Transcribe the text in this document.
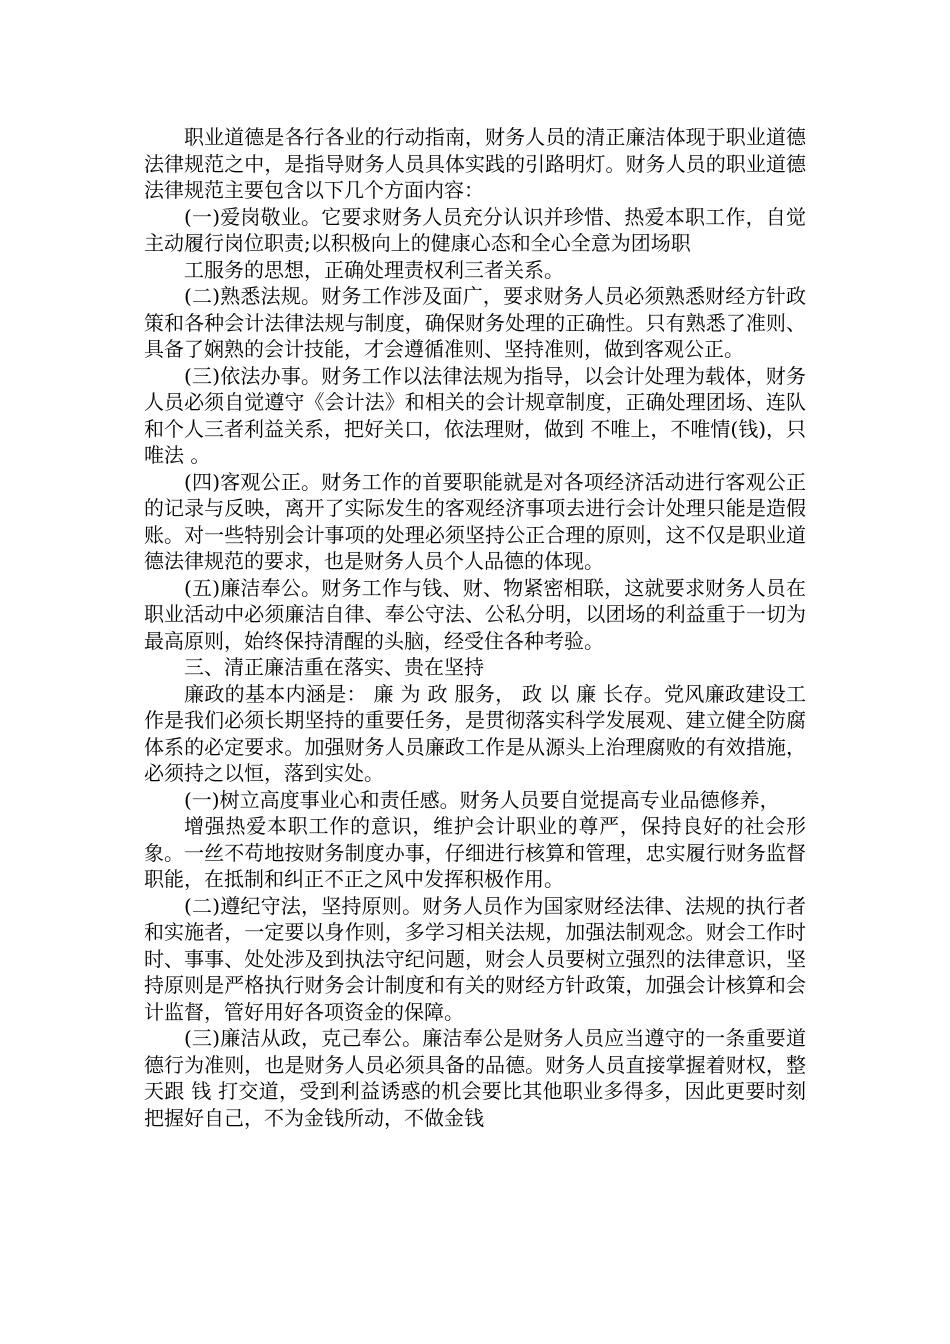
职业道德是各行各业的行动指南，财务人员的清正廉洁体现于职业道德法律规范之中，是指导财务人员具体实践的引路明灯。财务人员的职业道德法律规范主要包含以下几个方面内容：

(一)爱岗敬业。它要求财务人员充分认识并珍惜、热爱本职工作，自觉主动履行岗位职责;以积极向上的健康心态和全心全意为团场职

工服务的思想，正确处理责权利三者关系。

(二)熟悉法规。财务工作涉及面广，要求财务人员必须熟悉财经方针政策和各种会计法律法规与制度，确保财务处理的正确性。只有熟悉了准则、具备了娴熟的会计技能，才会遵循准则、坚持准则，做到客观公正。

(三)依法办事。财务工作以法律法规为指导，以会计处理为载体，财务人员必须自觉遵守《会计法》和相关的会计规章制度，正确处理团场、连队和个人三者利益关系，把好关口，依法理财，做到 不唯上，不唯情(钱)，只唯法 。

(四)客观公正。财务工作的首要职能就是对各项经济活动进行客观公正的记录与反映，离开了实际发生的客观经济事项去进行会计处理只能是造假账。对一些特别会计事项的处理必须坚持公正合理的原则，这不仅是职业道德法律规范的要求，也是财务人员个人品德的体现。

(五)廉洁奉公。财务工作与钱、财、物紧密相联，这就要求财务人员在职业活动中必须廉洁自律、奉公守法、公私分明，以团场的利益重于一切为最高原则，始终保持清醒的头脑，经受住各种考验。

三、清正廉洁重在落实、贵在坚持

廉政的基本内涵是： 廉 为 政 服务， 政 以 廉 长存。党风廉政建设工作是我们必须长期坚持的重要任务，是贯彻落实科学发展观、建立健全防腐体系的必定要求。加强财务人员廉政工作是从源头上治理腐败的有效措施，必须持之以恒，落到实处。

(一)树立高度事业心和责任感。财务人员要自觉提高专业品德修养，

增强热爱本职工作的意识，维护会计职业的尊严，保持良好的社会形象。一丝不苟地按财务制度办事，仔细进行核算和管理，忠实履行财务监督职能，在抵制和纠正不正之风中发挥积极作用。

(二)遵纪守法，坚持原则。财务人员作为国家财经法律、法规的执行者和实施者，一定要以身作则，多学习相关法规，加强法制观念。财会工作时时、事事、处处涉及到执法守纪问题，财会人员要树立强烈的法律意识，坚持原则是严格执行财务会计制度和有关的财经方针政策，加强会计核算和会计监督，管好用好各项资金的保障。

(三)廉洁从政，克己奉公。廉洁奉公是财务人员应当遵守的一条重要道德行为准则，也是财务人员必须具备的品德。财务人员直接掌握着财权，整天跟 钱 打交道，受到利益诱惑的机会要比其他职业多得多，因此更要时刻把握好自己，不为金钱所动，不做金钱
